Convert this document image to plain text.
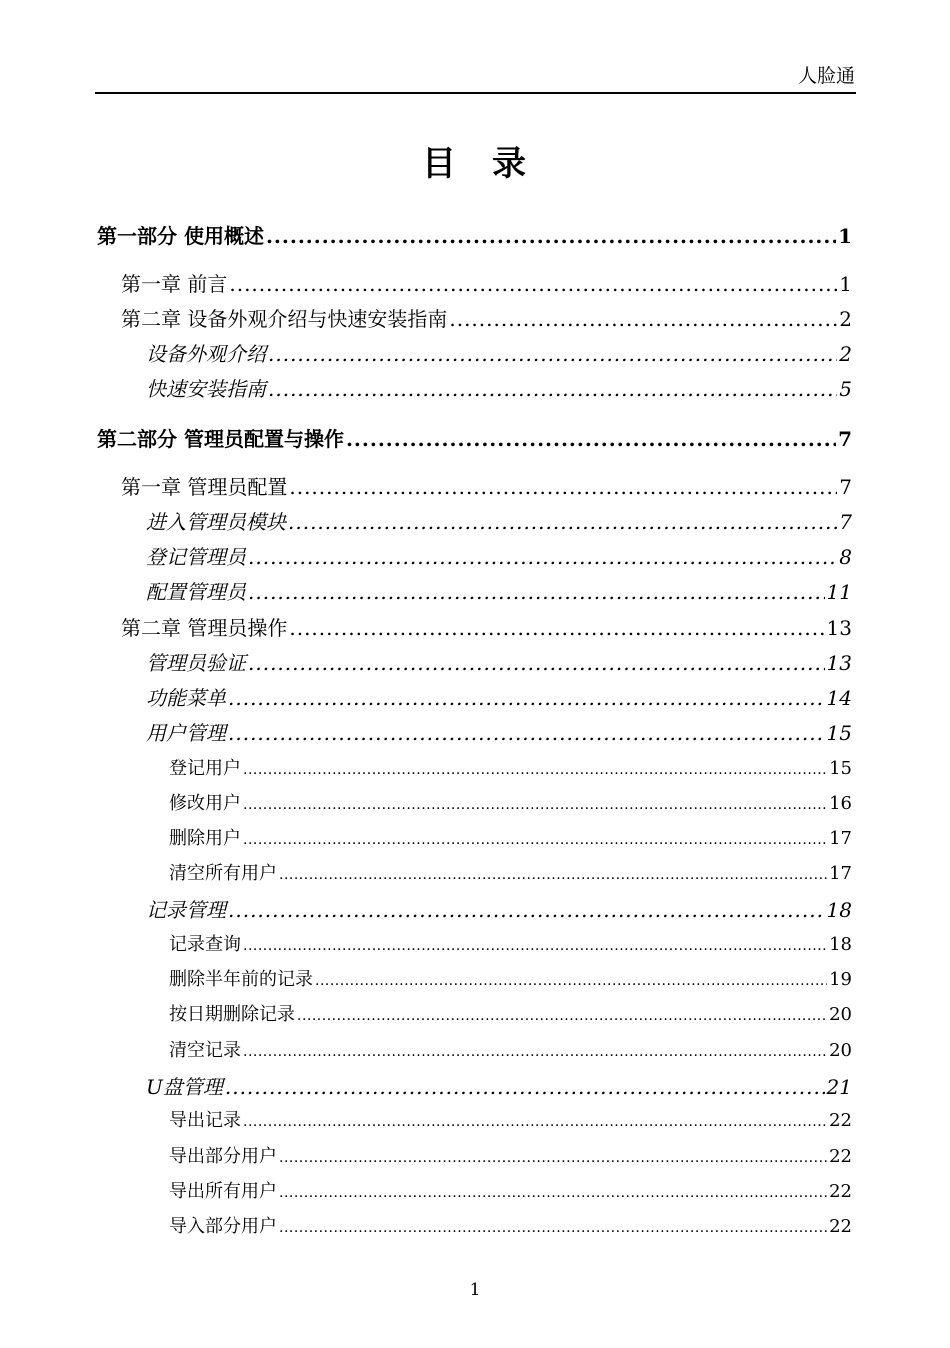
人脸通
目 录
第一部分 使用概述 .....	1
第一章 前言 .....	1
第二章 设备外观介绍与快速安装指南 .....	2
设备外观介绍 .....	2
快速安装指南 .....	5
第二部分 管理员配置与操作 .....	7
第一章 管理员配置 .....	7
进入管理员模块 .....	7
登记管理员 .....	8
配置管理员 .....	11
第二章 管理员操作 .....	13
管理员验证 .....	13
功能菜单 .....	14
用户管理 .....	15
登记用户 .....	15
修改用户 .....	16
删除用户 .....	17
清空所有用户 .....	17
记录管理 .....	18
记录查询 .....	18
删除半年前的记录 .....	19
按日期删除记录 .....	20
清空记录 .....	20
U盘管理 .....	21
导出记录 .....	22
导出部分用户 .....	22
导出所有用户 .....	22
导入部分用户 .....	22
1
